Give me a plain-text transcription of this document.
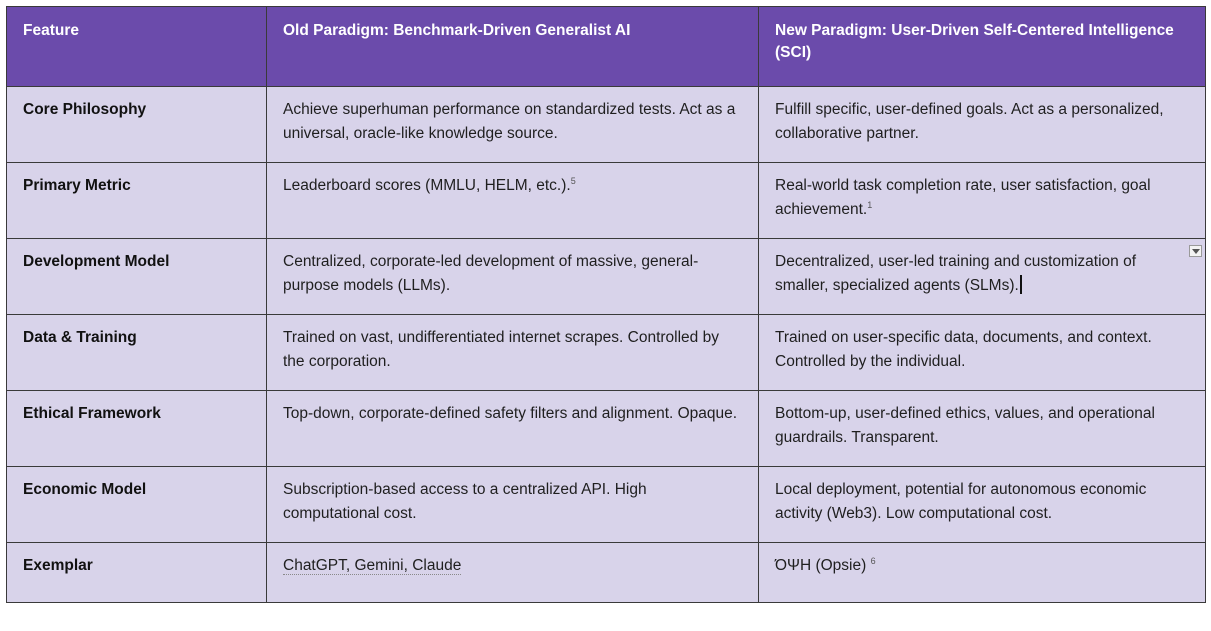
Feature	Old Paradigm: Benchmark-Driven Generalist AI	New Paradigm: User-Driven Self-Centered Intelligence (SCI)
Core Philosophy	Achieve superhuman performance on standardized tests. Act as a universal, oracle-like knowledge source.	Fulfill specific, user-defined goals. Act as a personalized, collaborative partner.
Primary Metric	Leaderboard scores (MMLU, HELM, etc.).$^5$	Real-world task completion rate, user satisfaction, goal achievement.$^1$
Development Model	Centralized, corporate-led development of massive, general-purpose models (LLMs).	Decentralized, user-led training and customization of smaller, specialized agents (SLMs).

Data & Training	Trained on vast, undifferentiated internet scrapes. Controlled by the corporation.	Trained on user-specific data, documents, and context. Controlled by the individual.
Ethical Framework	Top-down, corporate-defined safety filters and alignment. Opaque.	Bottom-up, user-defined ethics, values, and operational guardrails. Transparent.
Economic Model	Subscription-based access to a centralized API. High computational cost.	Local deployment, potential for autonomous economic activity (Web3). Low computational cost.
Exemplar	ChatGPT, Gemini, Claude	ΌΨΗ (Opsie) $^6$
